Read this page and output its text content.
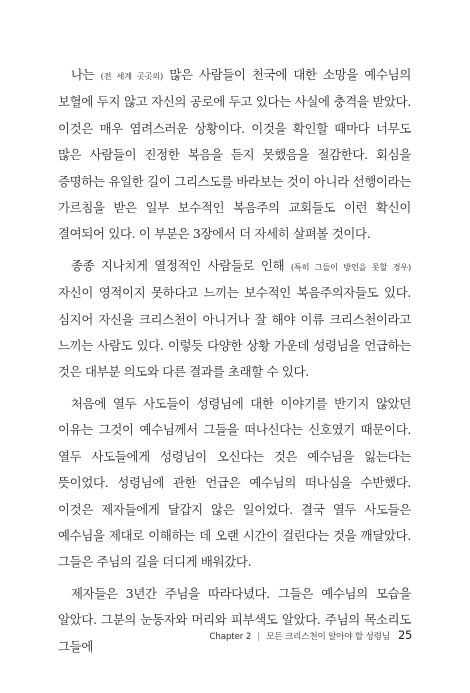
나는 (전 세계 곳곳의) 많은 사람들이 천국에 대한 소망을 예수님의 보혈에 두지 않고 자신의 공로에 두고 있다는 사실에 충격을 받았다. 이것은 매우 염려스러운 상황이다. 이것을 확인할 때마다 너무도 많은 사람들이 진정한 복음을 듣지 못했음을 절감한다. 회심을 증명하는 유일한 길이 그리스도를 바라보는 것이 아니라 선행이라는 가르침을 받은 일부 보수적인 복음주의 교회들도 이런 확신이 결여되어 있다. 이 부분은 3장에서 더 자세히 살펴볼 것이다.

종종 지나치게 열정적인 사람들로 인해 (특히 그들이 방언을 못할 경우) 자신이 영적이지 못하다고 느끼는 보수적인 복음주의자들도 있다. 심지어 자신을 크리스천이 아니거나 잘 해야 이류 크리스천이라고 느끼는 사람도 있다. 이렇듯 다양한 상황 가운데 성령님을 언급하는 것은 대부분 의도와 다른 결과를 초래할 수 있다.

처음에 열두 사도들이 성령님에 대한 이야기를 반기지 않았던 이유는 그것이 예수님께서 그들을 떠나신다는 신호였기 때문이다. 열두 사도들에게 성령님이 오신다는 것은 예수님을 잃는다는 뜻이었다. 성령님에 관한 언급은 예수님의 떠나심을 수반했다. 이것은 제자들에게 달갑지 않은 일이었다. 결국 열두 사도들은 예수님을 제대로 이해하는 데 오랜 시간이 걸린다는 것을 깨달았다. 그들은 주님의 길을 더디게 배워갔다.

제자들은 3년간 주님을 따라다녔다. 그들은 예수님의 모습을 알았다. 그분의 눈동자와 머리와 피부색도 알았다. 주님의 목소리도 그들에

Chapter 2 | 모든 크리스천이 알아야 할 성령님 25
